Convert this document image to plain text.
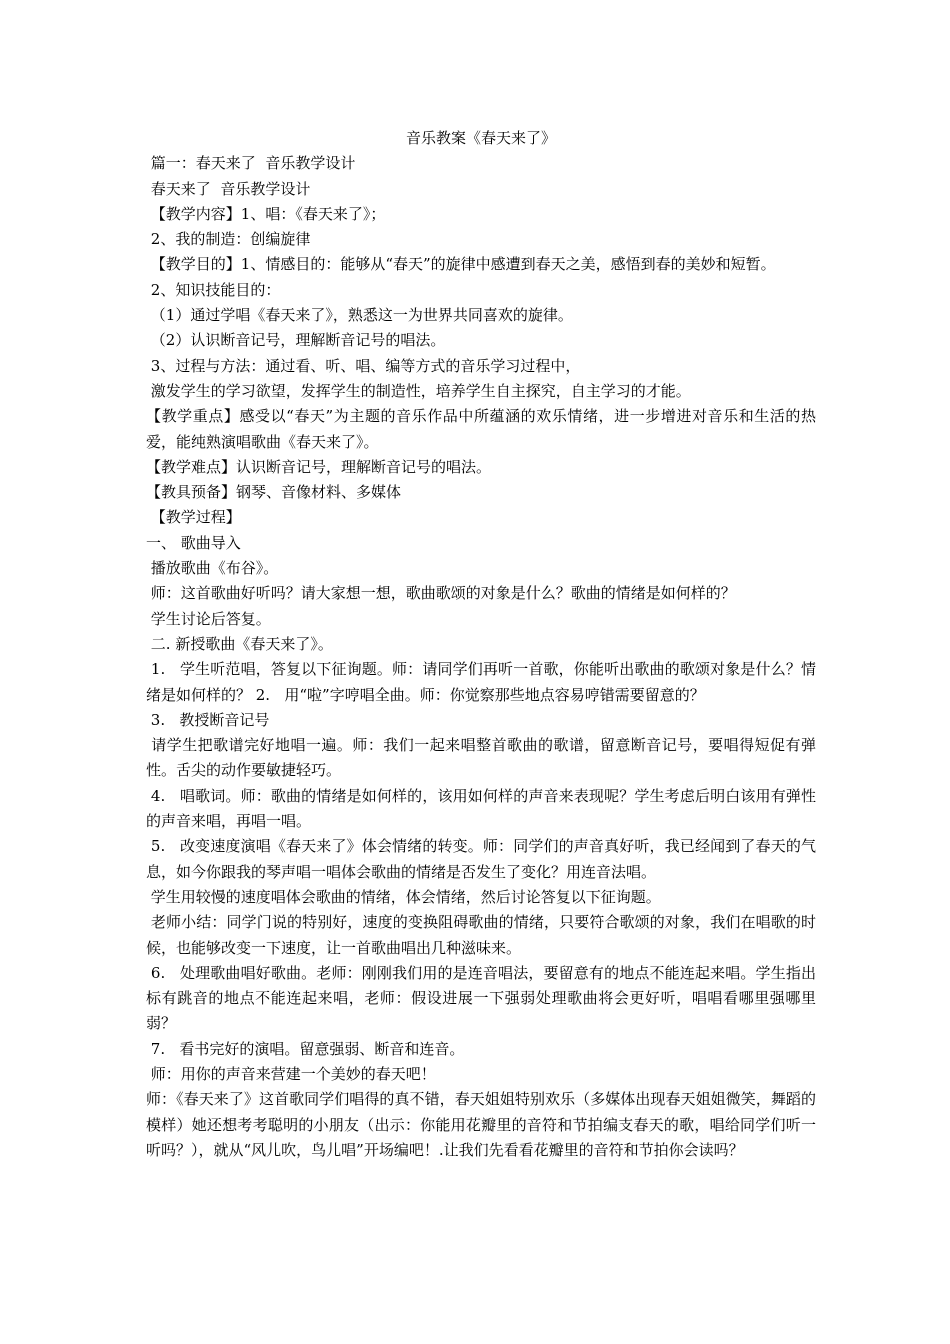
音乐教案《春天来了》

篇一：春天来了  音乐教学设计

春天来了  音乐教学设计

【教学内容】1、唱：《春天来了》；

2、我的制造：创编旋律

【教学目的】1、情感目的：能够从“春天”的旋律中感遭到春天之美，感悟到春的美妙和短暂。

2、知识技能目的：

（1）通过学唱《春天来了》，熟悉这一为世界共同喜欢的旋律。

（2）认识断音记号，理解断音记号的唱法。

3、过程与方法：通过看、听、唱、编等方式的音乐学习过程中，

激发学生的学习欲望，发挥学生的制造性，培养学生自主探究，自主学习的才能。

【教学重点】感受以“春天”为主题的音乐作品中所蕴涵的欢乐情绪，进一步增进对音乐和生活的热爱，能纯熟演唱歌曲《春天来了》。

【教学难点】认识断音记号，理解断音记号的唱法。

【教具预备】钢琴、音像材料、多媒体

【教学过程】

一、 歌曲导入

播放歌曲《布谷》。

师：这首歌曲好听吗？请大家想一想，歌曲歌颂的对象是什么？歌曲的情绪是如何样的？

学生讨论后答复。

二. 新授歌曲《春天来了》。

1.   学生听范唱，答复以下征询题。师：请同学们再听一首歌，你能听出歌曲的歌颂对象是什么？情绪是如何样的？ 2.   用“啦”字哼唱全曲。师：你觉察那些地点容易哼错需要留意的？

3.   教授断音记号

请学生把歌谱完好地唱一遍。师：我们一起来唱整首歌曲的歌谱，留意断音记号，要唱得短促有弹性。舌尖的动作要敏捷轻巧。

4.   唱歌词。师：歌曲的情绪是如何样的，该用如何样的声音来表现呢？学生考虑后明白该用有弹性的声音来唱，再唱一唱。

5.   改变速度演唱《春天来了》体会情绪的转变。师：同学们的声音真好听，我已经闻到了春天的气息，如今你跟我的琴声唱一唱体会歌曲的情绪是否发生了变化？用连音法唱。

学生用较慢的速度唱体会歌曲的情绪，体会情绪，然后讨论答复以下征询题。

老师小结：同学门说的特别好，速度的变换阻碍歌曲的情绪，只要符合歌颂的对象，我们在唱歌的时候，也能够改变一下速度，让一首歌曲唱出几种滋味来。

6.   处理歌曲唱好歌曲。老师：刚刚我们用的是连音唱法，要留意有的地点不能连起来唱。学生指出标有跳音的地点不能连起来唱，老师：假设进展一下强弱处理歌曲将会更好听，唱唱看哪里强哪里弱？

7.   看书完好的演唱。留意强弱、断音和连音。

师：用你的声音来营建一个美妙的春天吧！

师：《春天来了》这首歌同学们唱得的真不错，春天姐姐特别欢乐（多媒体出现春天姐姐微笑，舞蹈的模样）她还想考考聪明的小朋友（出示：你能用花瓣里的音符和节拍编支春天的歌，唱给同学们听一听吗？），就从“风儿吹，鸟儿唱”开场编吧！.让我们先看看花瓣里的音符和节拍你会读吗？
